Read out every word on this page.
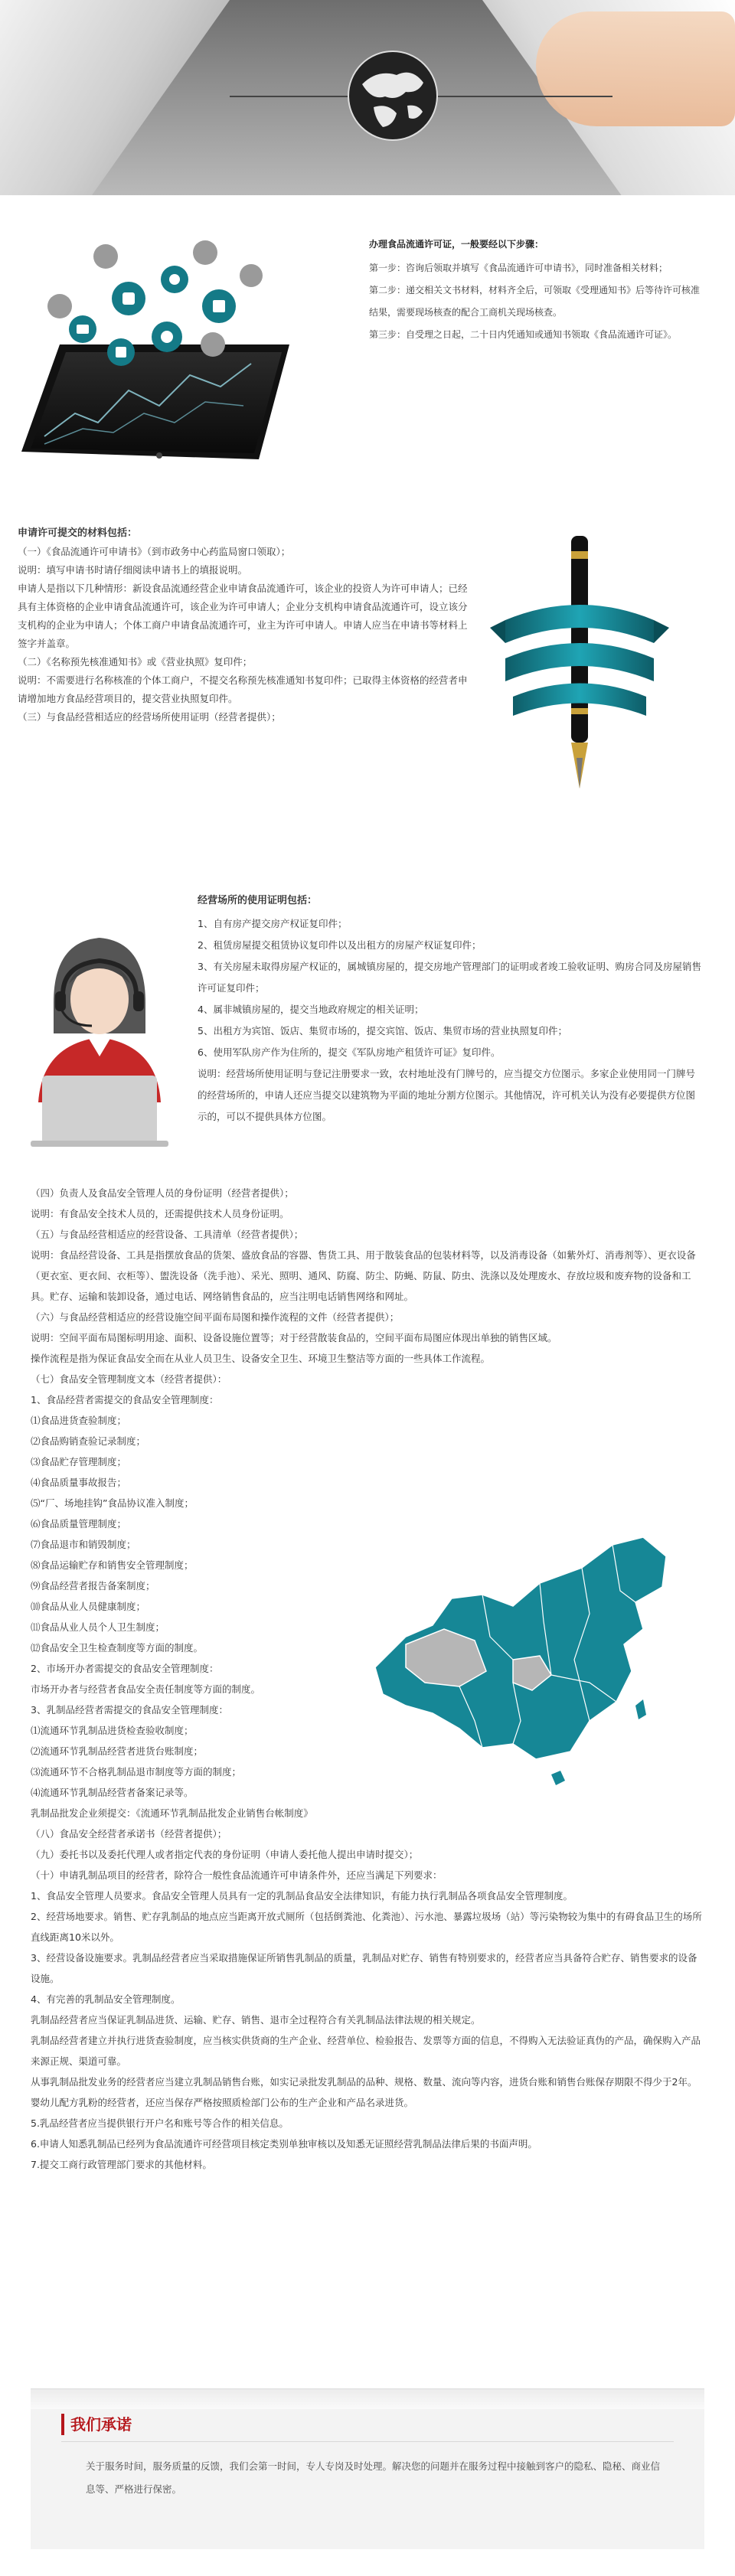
办理食品流通许可证，一般要经以下步骤：

第一步：咨询后领取并填写《食品流通许可申请书》，同时准备相关材料；

第二步：递交相关文书材料，材料齐全后，可领取《受理通知书》后等待许可核准结果，需要现场核查的配合工商机关现场核查。

第三步：自受理之日起，二十日内凭通知或通知书领取《食品流通许可证》。

申请许可提交的材料包括：

（一）《食品流通许可申请书》（到市政务中心药监局窗口领取）；

说明：填写申请书时请仔细阅读申请书上的填报说明。

申请人是指以下几种情形：新设食品流通经营企业申请食品流通许可，该企业的投资人为许可申请人；已经具有主体资格的企业申请食品流通许可，该企业为许可申请人；企业分支机构申请食品流通许可，设立该分支机构的企业为申请人；个体工商户申请食品流通许可，业主为许可申请人。申请人应当在申请书等材料上签字并盖章。

（二）《名称预先核准通知书》或《营业执照》复印件；

说明：不需要进行名称核准的个体工商户，不提交名称预先核准通知书复印件；已取得主体资格的经营者申请增加地方食品经营项目的，提交营业执照复印件。

（三）与食品经营相适应的经营场所使用证明（经营者提供）；

经营场所的使用证明包括：

1、自有房产提交房产权证复印件；

2、租赁房屋提交租赁协议复印件以及出租方的房屋产权证复印件；

3、有关房屋未取得房屋产权证的，属城镇房屋的，提交房地产管理部门的证明或者竣工验收证明、购房合同及房屋销售许可证复印件；

4、属非城镇房屋的，提交当地政府规定的相关证明；

5、出租方为宾馆、饭店、集贸市场的，提交宾馆、饭店、集贸市场的营业执照复印件；

6、使用军队房产作为住所的，提交《军队房地产租赁许可证》复印件。

说明：经营场所使用证明与登记注册要求一致，农村地址没有门牌号的，应当提交方位图示。多家企业使用同一门牌号的经营场所的，申请人还应当提交以建筑物为平面的地址分割方位图示。其他情况，许可机关认为没有必要提供方位图示的，可以不提供具体方位图。

（四）负责人及食品安全管理人员的身份证明（经营者提供）；

说明：有食品安全技术人员的，还需提供技术人员身份证明。

（五）与食品经营相适应的经营设备、工具清单（经营者提供）；

说明：食品经营设备、工具是指摆放食品的货架、盛放食品的容器、售货工具、用于散装食品的包装材料等，以及消毒设备（如紫外灯、消毒剂等）、更衣设备（更衣室、更衣间、衣柜等）、盥洗设备（洗手池）、采光、照明、通风、防腐、防尘、防蝇、防鼠、防虫、洗涤以及处理废水、存放垃圾和废弃物的设备和工具。贮存、运输和装卸设备，通过电话、网络销售食品的，应当注明电话销售网络和网址。

（六）与食品经营相适应的经营设施空间平面布局图和操作流程的文件（经营者提供）；

说明：空间平面布局图标明用途、面积、设备设施位置等；对于经营散装食品的，空间平面布局图应体现出单独的销售区域。

操作流程是指为保证食品安全而在从业人员卫生、设备安全卫生、环境卫生整洁等方面的一些具体工作流程。

（七）食品安全管理制度文本（经营者提供）：

1、食品经营者需提交的食品安全管理制度：

⑴食品进货查验制度；

⑵食品购销查验记录制度；

⑶食品贮存管理制度；

⑷食品质量事故报告；

⑸“厂、场地挂钩”食品协议准入制度；

⑹食品质量管理制度；

⑺食品退市和销毁制度；

⑻食品运输贮存和销售安全管理制度；

⑼食品经营者报告备案制度；

⑽食品从业人员健康制度；

⑾食品从业人员个人卫生制度；

⑿食品安全卫生检查制度等方面的制度。

2、市场开办者需提交的食品安全管理制度：

市场开办者与经营者食品安全责任制度等方面的制度。

3、乳制品经营者需提交的食品安全管理制度：

⑴流通环节乳制品进货检查验收制度；

⑵流通环节乳制品经营者进货台账制度；

⑶流通环节不合格乳制品退市制度等方面的制度；

⑷流通环节乳制品经营者备案记录等。

乳制品批发企业须提交：《流通环节乳制品批发企业销售台帐制度》

（八）食品安全经营者承诺书（经营者提供）；

（九）委托书以及委托代理人或者指定代表的身份证明（申请人委托他人提出申请时提交）；

（十）申请乳制品项目的经营者，除符合一般性食品流通许可申请条件外，还应当满足下列要求：

1、食品安全管理人员要求。食品安全管理人员具有一定的乳制品食品安全法律知识，有能力执行乳制品各项食品安全管理制度。

2、经营场地要求。销售、贮存乳制品的地点应当距离开放式厕所（包括倒粪池、化粪池）、污水池、暴露垃圾场（站）等污染物较为集中的有碍食品卫生的场所直线距离10米以外。

3、经营设备设施要求。乳制品经营者应当采取措施保证所销售乳制品的质量，乳制品对贮存、销售有特别要求的，经营者应当具备符合贮存、销售要求的设备设施。

4、有完善的乳制品安全管理制度。

乳制品经营者应当保证乳制品进货、运输、贮存、销售、退市全过程符合有关乳制品法律法规的相关规定。

乳制品经营者建立并执行进货查验制度，应当核实供货商的生产企业、经营单位、检验报告、发票等方面的信息，不得购入无法验证真伪的产品，确保购入产品来源正规、渠道可靠。

从事乳制品批发业务的经营者应当建立乳制品销售台账，如实记录批发乳制品的品种、规格、数量、流向等内容，进货台账和销售台账保存期限不得少于2年。

婴幼儿配方乳粉的经营者，还应当保存严格按照质检部门公布的生产企业和产品名录进货。

5.乳品经营者应当提供银行开户名和账号等合作的相关信息。

6.申请人知悉乳制品已经列为食品流通许可经营项目核定类别单独审核以及知悉无证照经营乳制品法律后果的书面声明。

7.提交工商行政管理部门要求的其他材料。

我们承诺
关于服务时间，服务质量的反馈，我们会第一时间，专人专岗及时处理。解决您的问题并在服务过程中接触到客户的隐私、隐秘、商业信息等、严格进行保密。
